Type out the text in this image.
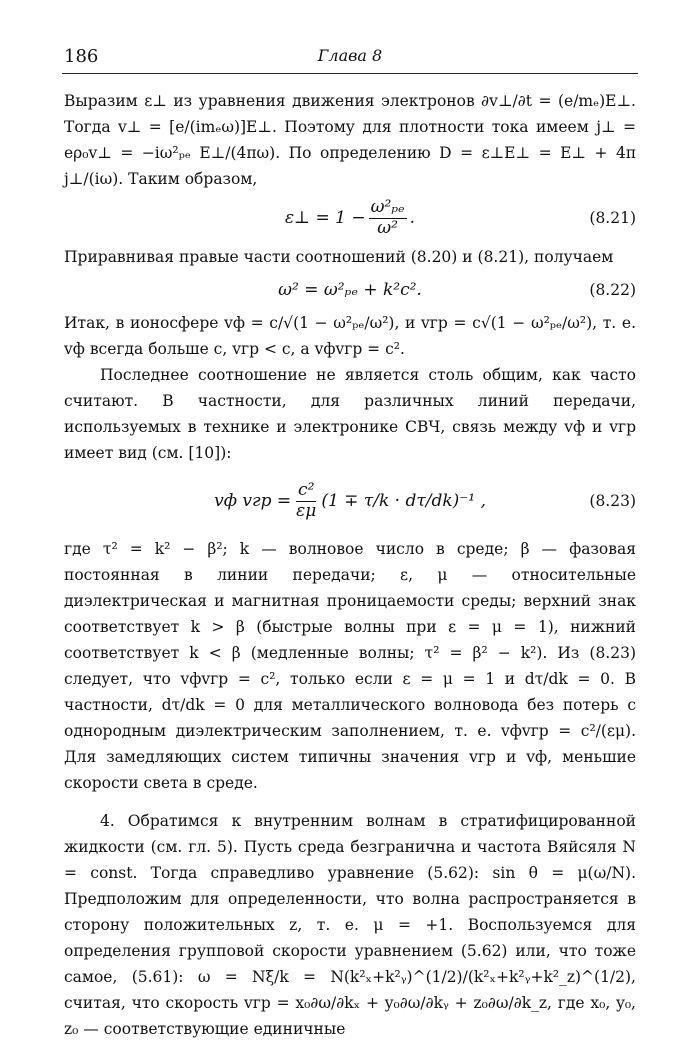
186	Глава 8

Выразим ε⊥ из уравнения движения электронов ∂v⊥/∂t = (e/mₑ)E⊥. Тогда v⊥ = [e/(imₑω)]E⊥. Поэтому для плотности тока имеем j⊥ = eρ₀v⊥ = −iω²ₚₑ E⊥/(4πω). По определению D = ε⊥E⊥ = E⊥ + 4π j⊥/(iω). Таким образом,

ε⊥ = $1 - \frac{\text{ω²ₚₑ}}{\text{ω²}}$ .	(8.21)

Приравнивая правые части соотношений (8.20) и (8.21), получаем

ω² = ω²ₚₑ + k²c².	(8.22)

Итак, в ионосфере vф = c/√(1 − ω²ₚₑ/ω²), и vгр = c√(1 − ω²ₚₑ/ω²), т. е. vф всегда больше c, vгр < c, а vфvгр = c².

Последнее соотношение не является столь общим, как часто считают. В частности, для различных линий передачи, используемых в технике и электронике СВЧ, связь между vф и vгр имеет вид (см. [10]):

vф vгр = $\frac{\text{c²}}{\varepsilon\mu} (1 \mp \tau/k \cdot d\tau/dk)^{-1}$ ,	(8.23)

где τ² = k² − β²; k — волновое число в среде; β — фазовая постоянная в линии передачи; ε, μ — относительные диэлектрическая и магнитная проницаемости среды; верхний знак соответствует k > β (быстрые волны при ε = μ = 1), нижний соответствует k < β (медленные волны; τ² = β² − k²). Из (8.23) следует, что vфvгр = c², только если ε = μ = 1 и dτ/dk = 0. В частности, dτ/dk = 0 для металлического волновода без потерь с однородным диэлектрическим заполнением, т. е. vфvгр = c²/(εμ). Для замедляющих систем типичны значения vгр и vф, меньшие скорости света в среде.

4. Обратимся к внутренним волнам в стратифицированной жидкости (см. гл. 5). Пусть среда безгранична и частота Вяйсяля N = const. Тогда справедливо уравнение (5.62): sin θ = μ(ω/N). Предположим для определенности, что волна распространяется в сторону положительных z, т. е. μ = +1. Воспользуемся для определения групповой скорости уравнением (5.62) или, что тоже самое, (5.61): ω = Nξ/k = N(k²ₓ+k²ᵧ)^(1/2)/(k²ₓ+k²ᵧ+k²_z)^(1/2), считая, что скорость vгр = x₀∂ω/∂kₓ + y₀∂ω/∂kᵧ + z₀∂ω/∂k_z, где x₀, y₀, z₀ — соответствующие единичные
